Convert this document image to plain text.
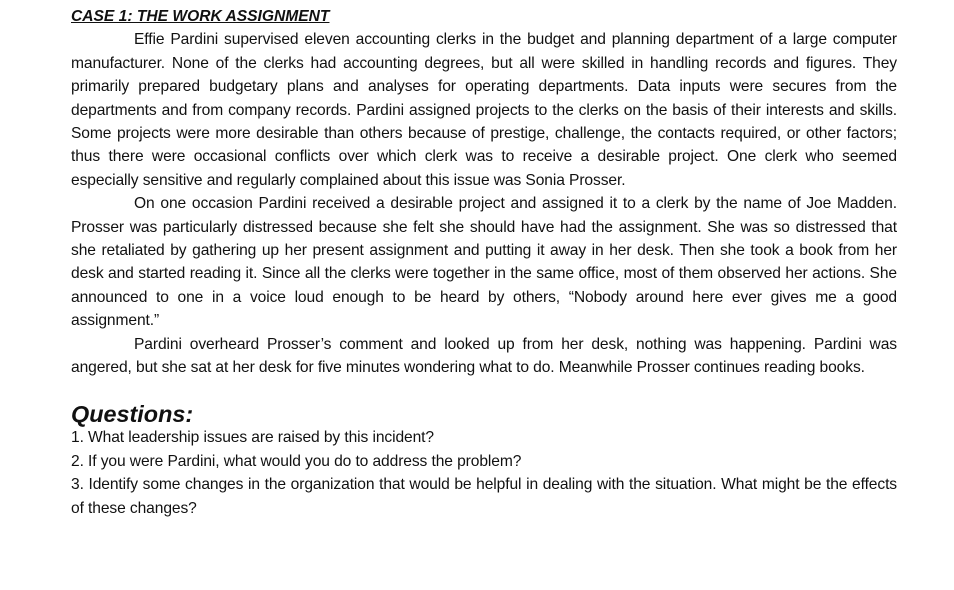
CASE 1: THE WORK ASSIGNMENT

Effie Pardini supervised eleven accounting clerks in the budget and planning department of a large computer manufacturer. None of the clerks had accounting degrees, but all were skilled in handling records and figures. They primarily prepared budgetary plans and analyses for operating departments. Data inputs were secures from the departments and from company records. Pardini assigned projects to the clerks on the basis of their interests and skills. Some projects were more desirable than others because of prestige, challenge, the contacts required, or other factors; thus there were occasional conflicts over which clerk was to receive a desirable project. One clerk who seemed especially sensitive and regularly complained about this issue was Sonia Prosser.

On one occasion Pardini received a desirable project and assigned it to a clerk by the name of Joe Madden. Prosser was particularly distressed because she felt she should have had the assignment. She was so distressed that she retaliated by gathering up her present assignment and putting it away in her desk. Then she took a book from her desk and started reading it. Since all the clerks were together in the same office, most of them observed her actions. She announced to one in a voice loud enough to be heard by others, “Nobody around here ever gives me a good assignment.”

Pardini overheard Prosser’s comment and looked up from her desk, nothing was happening. Pardini was angered, but she sat at her desk for five minutes wondering what to do. Meanwhile Prosser continues reading books.

Questions:
1. What leadership issues are raised by this incident?
2. If you were Pardini, what would you do to address the problem?
3. Identify some changes in the organization that would be helpful in dealing with the situation. What might be the effects of these changes?
